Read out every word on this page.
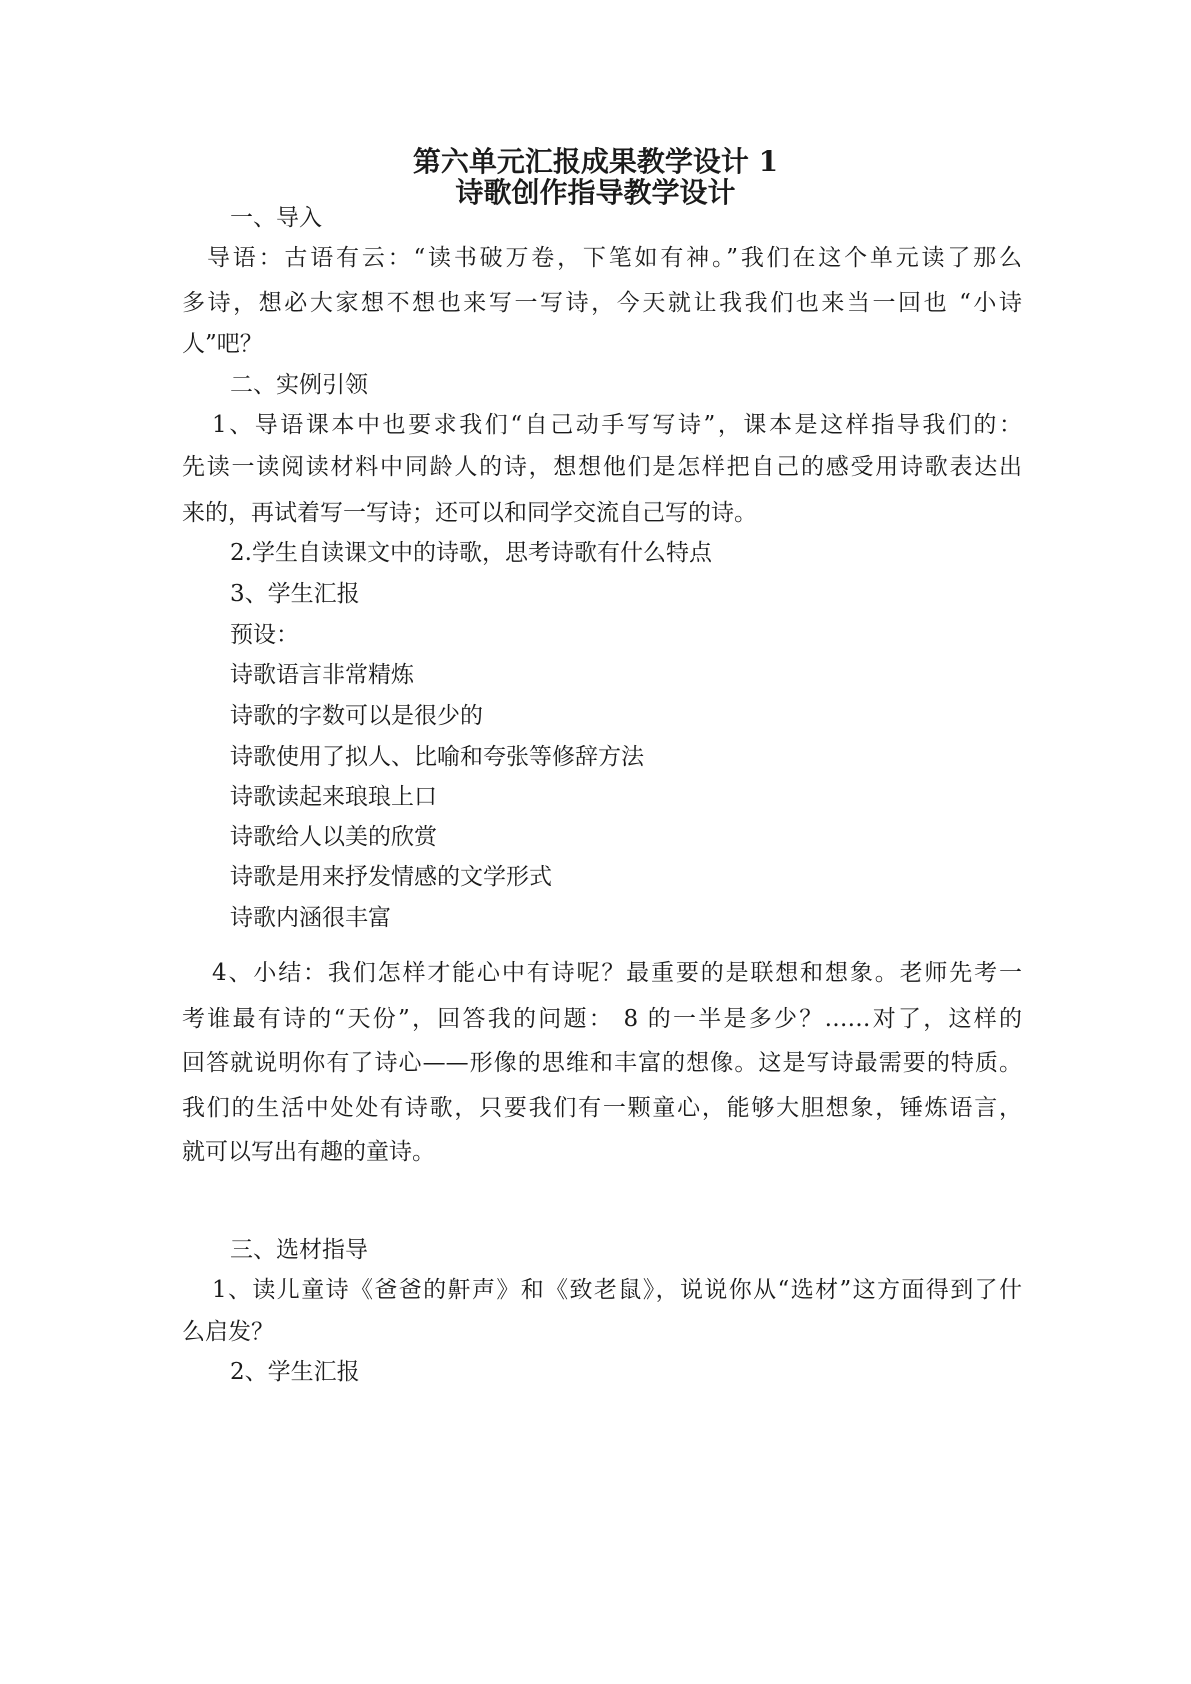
第六单元汇报成果教学设计 1
诗歌创作指导教学设计

一、导入

导语：古语有云：“读书破万卷，下笔如有神。”我们在这个单元读了那么

多诗，想必大家想不想也来写一写诗，今天就让我我们也来当一回也 “小诗

人”吧？

二、实例引领

1、导语课本中也要求我们“自己动手写写诗”，课本是这样指导我们的：

先读一读阅读材料中同龄人的诗，想想他们是怎样把自己的感受用诗歌表达出

来的，再试着写一写诗；还可以和同学交流自己写的诗。

2.学生自读课文中的诗歌，思考诗歌有什么特点

3、学生汇报

预设：

诗歌语言非常精炼

诗歌的字数可以是很少的

诗歌使用了拟人、比喻和夸张等修辞方法

诗歌读起来琅琅上口

诗歌给人以美的欣赏

诗歌是用来抒发情感的文学形式

诗歌内涵很丰富

4、小结：我们怎样才能心中有诗呢？最重要的是联想和想象。老师先考一

考谁最有诗的“天份”，回答我的问题： 8 的一半是多少？……对了，这样的

回答就说明你有了诗心——形像的思维和丰富的想像。这是写诗最需要的特质。

我们的生活中处处有诗歌，只要我们有一颗童心，能够大胆想象，锤炼语言，

就可以写出有趣的童诗。

三、选材指导

1、读儿童诗《爸爸的鼾声》和《致老鼠》，说说你从“选材”这方面得到了什

么启发？

2、学生汇报
